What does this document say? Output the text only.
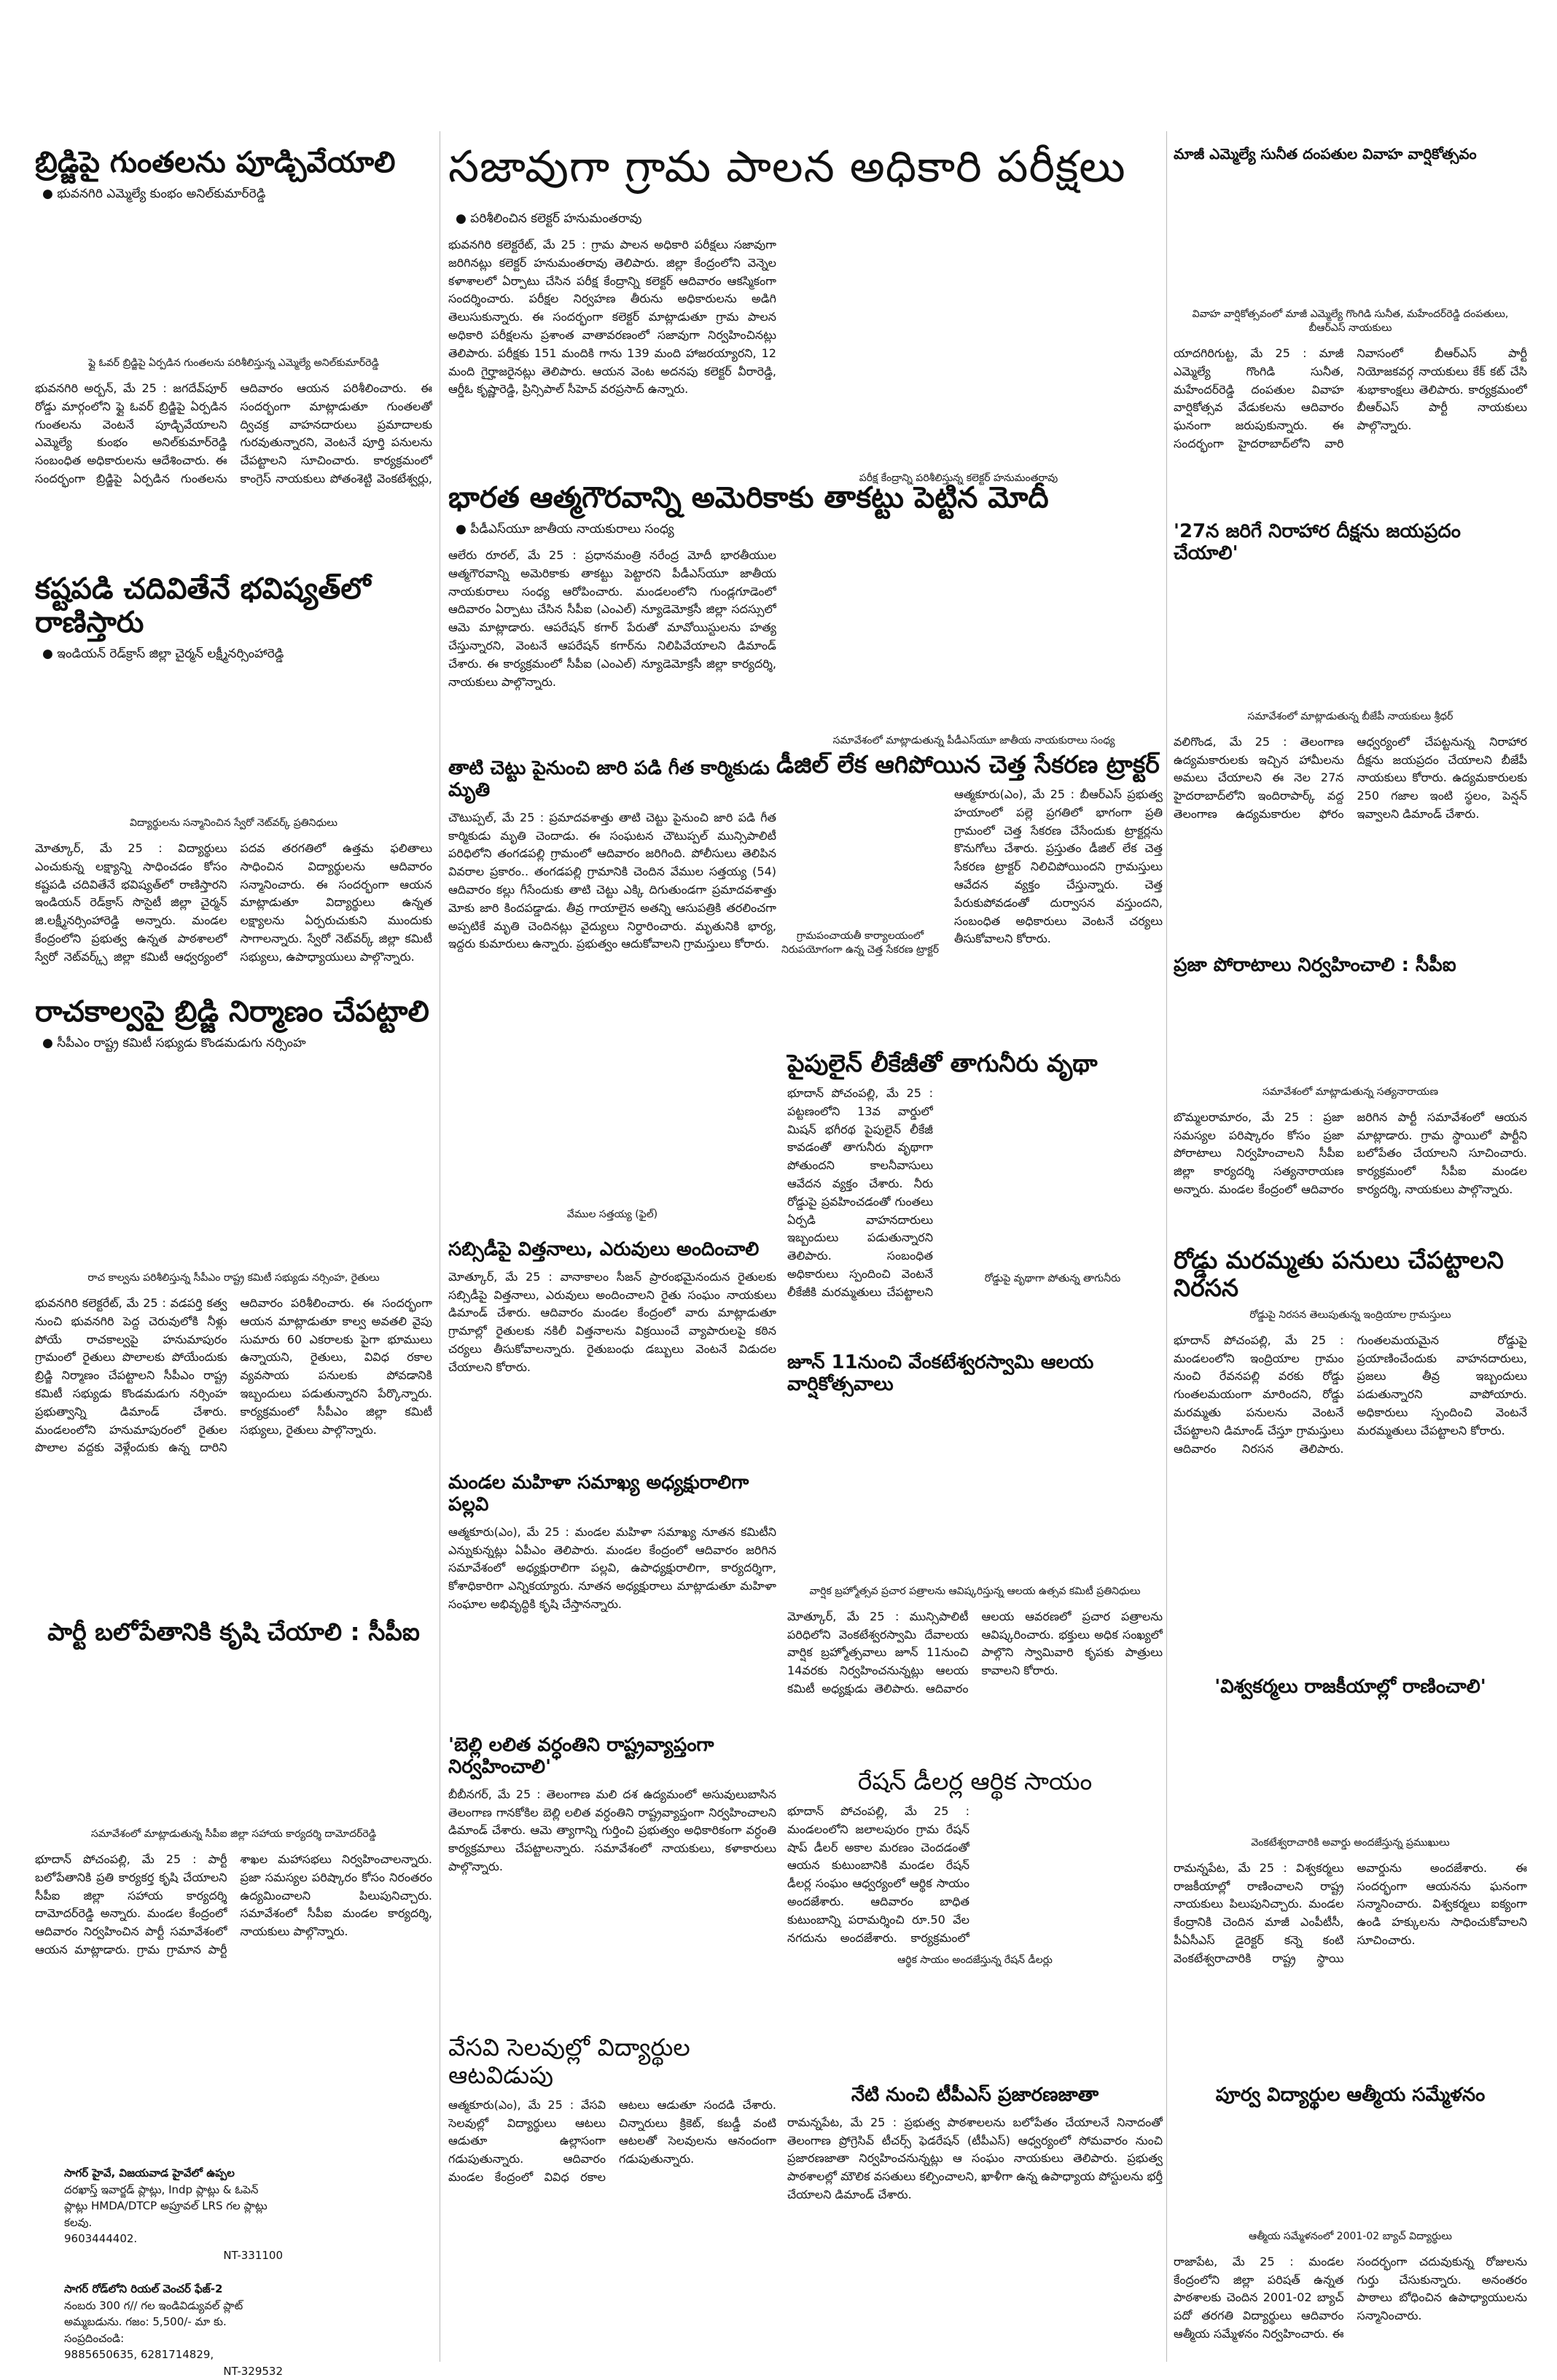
బ్రిడ్జిపై గుంతలను పూడ్చివేయాలి
● భువనగిరి ఎమ్మెల్యే కుంభం అనిల్‌కుమార్‌రెడ్డి
ఫ్లై ఓవర్ బ్రిడ్జిపై ఏర్పడిన గుంతలను పరిశీలిస్తున్న ఎమ్మెల్యే అనిల్‌కుమార్‌రెడ్డి
భువనగిరి అర్బన్, మే 25 : జగదేవ్‌పూర్ రోడ్డు మార్గంలోని ఫ్లై ఓవర్ బ్రిడ్జిపై ఏర్పడిన గుంతలను వెంటనే పూడ్చివేయాలని ఎమ్మెల్యే కుంభం అనిల్‌కుమార్‌రెడ్డి సంబంధిత అధికారులను ఆదేశించారు. ఈ సందర్భంగా బ్రిడ్జిపై ఏర్పడిన గుంతలను ఆదివారం ఆయన పరిశీలించారు. ఈ సందర్భంగా మాట్లాడుతూ గుంతలతో ద్విచక్ర వాహనదారులు ప్రమాదాలకు గురవుతున్నారని, వెంటనే పూర్తి పనులను చేపట్టాలని సూచించారు. కార్యక్రమంలో కాంగ్రెస్ నాయకులు పోతంశెట్టి వెంకటేశ్వర్లు,
కష్టపడి చదివితేనే భవిష్యత్‌లో రాణిస్తారు
● ఇండియన్ రెడ్‌క్రాస్ జిల్లా చైర్మన్ లక్ష్మీనర్సింహారెడ్డి
విద్యార్థులను సన్మానించిన స్వేరో నెట్‌వర్క్ ప్రతినిధులు
మోత్కూర్, మే 25 : విద్యార్థులు ఎంచుకున్న లక్ష్యాన్ని సాధించడం కోసం కష్టపడి చదివితేనే భవిష్యత్‌లో రాణిస్తారని ఇండియన్ రెడ్‌క్రాస్ సొసైటీ జిల్లా చైర్మన్ జి.లక్ష్మీనర్సింహారెడ్డి అన్నారు. మండల కేంద్రంలోని ప్రభుత్వ ఉన్నత పాఠశాలలో స్వేరో నెట్‌వర్క్స్ జిల్లా కమిటీ ఆధ్వర్యంలో పదవ తరగతిలో ఉత్తమ ఫలితాలు సాధించిన విద్యార్థులను ఆదివారం సన్మానించారు. ఈ సందర్భంగా ఆయన మాట్లాడుతూ విద్యార్థులు ఉన్నత లక్ష్యాలను ఏర్పరుచుకుని ముందుకు సాగాలన్నారు. స్వేరో నెట్‌వర్క్ జిల్లా కమిటీ సభ్యులు, ఉపాధ్యాయులు పాల్గొన్నారు.
రాచకాల్వపై బ్రిడ్జి నిర్మాణం చేపట్టాలి
● సీపీఎం రాష్ట్ర కమిటీ సభ్యుడు కొండమడుగు నర్సింహ
రాచ కాల్వను పరిశీలిస్తున్న సీపీఎం రాష్ట్ర కమిటీ సభ్యుడు నర్సింహ, రైతులు
భువనగిరి కలెక్టరేట్, మే 25 : వడపర్తి కత్వ నుంచి భువనగిరి పెద్ద చెరువులోకి నీళ్లు పోయే రాచకాల్వపై హనుమాపురం గ్రామంలో రైతులు పొలాలకు పోయేందుకు బ్రిడ్జి నిర్మాణం చేపట్టాలని సీపీఎం రాష్ట్ర కమిటీ సభ్యుడు కొండమడుగు నర్సింహ ప్రభుత్వాన్ని డిమాండ్ చేశారు. మండలంలోని హనుమాపురంలో రైతుల పొలాల వద్దకు వెళ్లేందుకు ఉన్న దారిని ఆదివారం పరిశీలించారు. ఈ సందర్భంగా ఆయన మాట్లాడుతూ కాల్వ అవతలి వైపు సుమారు 60 ఎకరాలకు పైగా భూములు ఉన్నాయని, రైతులు, వివిధ రకాల వ్యవసాయ పనులకు పోవడానికి ఇబ్బందులు పడుతున్నారని పేర్కొన్నారు. కార్యక్రమంలో సీపీఎం జిల్లా కమిటీ సభ్యులు, రైతులు పాల్గొన్నారు.
పార్టీ బలోపేతానికి కృషి చేయాలి : సీపీఐ
సమావేశంలో మాట్లాడుతున్న సీపీఐ జిల్లా సహాయ కార్యదర్శి దామోదర్‌రెడ్డి
భూదాన్ పోచంపల్లి, మే 25 : పార్టీ బలోపేతానికి ప్రతి కార్యకర్త కృషి చేయాలని సీపీఐ జిల్లా సహాయ కార్యదర్శి దామోదర్‌రెడ్డి అన్నారు. మండల కేంద్రంలో ఆదివారం నిర్వహించిన పార్టీ సమావేశంలో ఆయన మాట్లాడారు. గ్రామ గ్రామాన పార్టీ శాఖల మహాసభలు నిర్వహించాలన్నారు. ప్రజా సమస్యల పరిష్కారం కోసం నిరంతరం ఉద్యమించాలని పిలుపునిచ్చారు. సమావేశంలో సీపీఐ మండల కార్యదర్శి, నాయకులు పాల్గొన్నారు.
సాగర్ హైవే, విజయవాడ హైవేలో ఉప్పల
దరఖాస్త్ ఇవార్జడ్ ప్లాట్లు, Indp ప్లాట్లు & ఓపెన్ ప్లాట్లు HMDA/DTCP అప్రూవల్ LRS గల ప్లాట్లు కలవు.
9603444402.
NT-331100
సాగర్ రోడ్‌లోని రియల్ వెంచర్ ఫేజ్-2
నంబరు 300 గ// గల ఇండివిడ్యువల్ ప్లాట్ అమ్మబడును. గజం: 5,500/- మా కు. సంప్రదించండి:
9885650635, 6281714829,
NT-329532
సజావుగా గ్రామ పాలన అధికారి పరీక్షలు
● పరిశీలించిన కలెక్టర్ హనుమంతరావు
భువనగిరి కలెక్టరేట్, మే 25 : గ్రామ పాలన అధికారి పరీక్షలు సజావుగా జరిగినట్లు కలెక్టర్ హనుమంతరావు తెలిపారు. జిల్లా కేంద్రంలోని వెన్నెల కళాశాలలో ఏర్పాటు చేసిన పరీక్ష కేంద్రాన్ని కలెక్టర్ ఆదివారం ఆకస్మికంగా సందర్శించారు. పరీక్షల నిర్వహణ తీరును అధికారులను అడిగి తెలుసుకున్నారు. ఈ సందర్భంగా కలెక్టర్ మాట్లాడుతూ గ్రామ పాలన అధికారి పరీక్షలను ప్రశాంత వాతావరణంలో సజావుగా నిర్వహించినట్లు తెలిపారు. పరీక్షకు 151 మందికి గాను 139 మంది హాజరయ్యారని, 12 మంది గైర్హాజరైనట్లు తెలిపారు. ఆయన వెంట అదనపు కలెక్టర్ వీరారెడ్డి, ఆర్డీఓ కృష్ణారెడ్డి, ప్రిన్సిపాల్ సీహెచ్ వరప్రసాద్ ఉన్నారు.
పరీక్ష కేంద్రాన్ని పరిశీలిస్తున్న కలెక్టర్ హనుమంతరావు
భారత ఆత్మగౌరవాన్ని అమెరికాకు తాకట్టు పెట్టిన మోదీ
● పీడీఎస్‌యూ జాతీయ నాయకురాలు సంధ్య
ఆలేరు రూరల్, మే 25 : ప్రధానమంత్రి నరేంద్ర మోదీ భారతీయుల ఆత్మగౌరవాన్ని అమెరికాకు తాకట్టు పెట్టారని పీడీఎస్‌యూ జాతీయ నాయకురాలు సంధ్య ఆరోపించారు. మండలంలోని గుండ్లగూడెంలో ఆదివారం ఏర్పాటు చేసిన సీపీఐ (ఎంఎల్) న్యూడెమోక్రసీ జిల్లా సదస్సులో ఆమె మాట్లాడారు. ఆపరేషన్ కగార్ పేరుతో మావోయిస్టులను హత్య చేస్తున్నారని, వెంటనే ఆపరేషన్ కగార్‌ను నిలిపివేయాలని డిమాండ్ చేశారు. ఈ కార్యక్రమంలో సీపీఐ (ఎంఎల్) న్యూడెమోక్రసీ జిల్లా కార్యదర్శి, నాయకులు పాల్గొన్నారు.
సమావేశంలో మాట్లాడుతున్న పీడీఎస్‌యూ జాతీయ నాయకురాలు సంధ్య
తాటి చెట్టు పైనుంచి జారి పడి గీత కార్మికుడు మృతి
చౌటుప్పల్, మే 25 : ప్రమాదవశాత్తు తాటి చెట్టు పైనుంచి జారి పడి గీత కార్మికుడు మృతి చెందాడు. ఈ సంఘటన చౌటుప్పల్ మున్సిపాలిటీ పరిధిలోని తంగడపల్లి గ్రామంలో ఆదివారం జరిగింది. పోలీసులు తెలిపిన వివరాల ప్రకారం.. తంగడపల్లి గ్రామానికి చెందిన వేముల సత్తయ్య (54) ఆదివారం కల్లు గీసేందుకు తాటి చెట్టు ఎక్కి దిగుతుండగా ప్రమాదవశాత్తు మోకు జారి కిందపడ్డాడు. తీవ్ర గాయాలైన అతన్ని ఆసుపత్రికి తరలించగా అప్పటికే మృతి చెందినట్లు వైద్యులు నిర్ధారించారు. మృతునికి భార్య, ఇద్దరు కుమారులు ఉన్నారు. ప్రభుత్వం ఆదుకోవాలని గ్రామస్తులు కోరారు.
వేముల సత్తయ్య (ఫైల్)
సబ్సిడీపై విత్తనాలు, ఎరువులు అందించాలి
మోత్కూర్, మే 25 : వానాకాలం సీజన్ ప్రారంభమైనందున రైతులకు సబ్సిడీపై విత్తనాలు, ఎరువులు అందించాలని రైతు సంఘం నాయకులు డిమాండ్ చేశారు. ఆదివారం మండల కేంద్రంలో వారు మాట్లాడుతూ గ్రామాల్లో రైతులకు నకిలీ విత్తనాలను విక్రయించే వ్యాపారులపై కఠిన చర్యలు తీసుకోవాలన్నారు. రైతుబంధు డబ్బులు వెంటనే విడుదల చేయాలని కోరారు.
మండల మహిళా సమాఖ్య అధ్యక్షురాలిగా పల్లవి
ఆత్మకూరు(ఎం), మే 25 : మండల మహిళా సమాఖ్య నూతన కమిటీని ఎన్నుకున్నట్లు ఏపీఎం తెలిపారు. మండల కేంద్రంలో ఆదివారం జరిగిన సమావేశంలో అధ్యక్షురాలిగా పల్లవి, ఉపాధ్యక్షురాలిగా, కార్యదర్శిగా, కోశాధికారిగా ఎన్నికయ్యారు. నూతన అధ్యక్షురాలు మాట్లాడుతూ మహిళా సంఘాల అభివృద్ధికి కృషి చేస్తానన్నారు.
'బెల్లి లలిత వర్ధంతిని రాష్ట్రవ్యాప్తంగా నిర్వహించాలి'
బీబీనగర్, మే 25 : తెలంగాణ మలి దశ ఉద్యమంలో అసువులుబాసిన తెలంగాణ గానకోకిల బెల్లి లలిత వర్ధంతిని రాష్ట్రవ్యాప్తంగా నిర్వహించాలని డిమాండ్ చేశారు. ఆమె త్యాగాన్ని గుర్తించి ప్రభుత్వం అధికారికంగా వర్ధంతి కార్యక్రమాలు చేపట్టాలన్నారు. సమావేశంలో నాయకులు, కళాకారులు పాల్గొన్నారు.
వేసవి సెలవుల్లో విద్యార్థుల ఆటవిడుపు
ఆత్మకూరు(ఎం), మే 25 : వేసవి సెలవుల్లో విద్యార్థులు ఆటలు ఆడుతూ ఉల్లాసంగా గడుపుతున్నారు. ఆదివారం మండల కేంద్రంలో వివిధ రకాల ఆటలు ఆడుతూ సందడి చేశారు. చిన్నారులు క్రికెట్, కబడ్డీ వంటి ఆటలతో సెలవులను ఆనందంగా గడుపుతున్నారు.
డీజిల్ లేక ఆగిపోయిన చెత్త సేకరణ ట్రాక్టర్
గ్రామపంచాయతీ కార్యాలయంలో నిరుపయోగంగా ఉన్న చెత్త సేకరణ ట్రాక్టర్
ఆత్మకూరు(ఎం), మే 25 : బీఆర్ఎస్ ప్రభుత్వ హయాంలో పల్లె ప్రగతిలో భాగంగా ప్రతి గ్రామంలో చెత్త సేకరణ చేసేందుకు ట్రాక్టర్లను కొనుగోలు చేశారు. ప్రస్తుతం డీజిల్ లేక చెత్త సేకరణ ట్రాక్టర్ నిలిచిపోయిందని గ్రామస్తులు ఆవేదన వ్యక్తం చేస్తున్నారు. చెత్త పేరుకుపోవడంతో దుర్వాసన వస్తుందని, సంబంధిత అధికారులు వెంటనే చర్యలు తీసుకోవాలని కోరారు.
పైపులైన్ లీకేజీతో తాగునీరు వృథా
భూదాన్ పోచంపల్లి, మే 25 : పట్టణంలోని 13వ వార్డులో మిషన్ భగీరథ పైపులైన్ లీకేజీ కావడంతో తాగునీరు వృథాగా పోతుందని కాలనీవాసులు ఆవేదన వ్యక్తం చేశారు. నీరు రోడ్డుపై ప్రవహించడంతో గుంతలు ఏర్పడి వాహనదారులు ఇబ్బందులు పడుతున్నారని తెలిపారు. సంబంధిత అధికారులు స్పందించి వెంటనే లీకేజీకి మరమ్మతులు చేపట్టాలని
రోడ్డుపై వృథాగా పోతున్న తాగునీరు
జూన్ 11నుంచి వేంకటేశ్వరస్వామి ఆలయ వార్షికోత్సవాలు
వార్షిక బ్రహ్మోత్సవ ప్రచార పత్రాలను ఆవిష్కరిస్తున్న ఆలయ ఉత్సవ కమిటీ ప్రతినిధులు
మోత్కూర్, మే 25 : మున్సిపాలిటీ పరిధిలోని వెంకటేశ్వరస్వామి దేవాలయ వార్షిక బ్రహ్మోత్సవాలు జూన్ 11నుంచి 14వరకు నిర్వహించనున్నట్లు ఆలయ కమిటీ అధ్యక్షుడు తెలిపారు. ఆదివారం ఆలయ ఆవరణలో ప్రచార పత్రాలను ఆవిష్కరించారు. భక్తులు అధిక సంఖ్యలో పాల్గొని స్వామివారి కృపకు పాత్రులు కావాలని కోరారు.
రేషన్ డీలర్ల ఆర్థిక సాయం
భూదాన్ పోచంపల్లి, మే 25 : మండలంలోని జలాలపురం గ్రామ రేషన్ షాప్ డీలర్ అకాల మరణం చెందడంతో ఆయన కుటుంబానికి మండల రేషన్ డీలర్ల సంఘం ఆధ్వర్యంలో ఆర్థిక సాయం అందజేశారు. ఆదివారం బాధిత కుటుంబాన్ని పరామర్శించి రూ.50 వేల నగదును అందజేశారు. కార్యక్రమంలో
ఆర్థిక సాయం అందజేస్తున్న రేషన్ డీలర్లు
నేటి నుంచి టీపీఎస్ ప్రజారణజాతా
రామన్నపేట, మే 25 : ప్రభుత్వ పాఠశాలలను బలోపేతం చేయాలనే నినాదంతో తెలంగాణ ప్రోగ్రెసివ్ టీచర్స్ ఫెడరేషన్ (టీపీఎస్) ఆధ్వర్యంలో సోమవారం నుంచి ప్రజారణజాతా నిర్వహించనున్నట్లు ఆ సంఘం నాయకులు తెలిపారు. ప్రభుత్వ పాఠశాలల్లో మౌలిక వసతులు కల్పించాలని, ఖాళీగా ఉన్న ఉపాధ్యాయ పోస్టులను భర్తీ చేయాలని డిమాండ్ చేశారు.
మాజీ ఎమ్మెల్యే సునీత దంపతుల వివాహ వార్షికోత్సవం
వివాహ వార్షికోత్సవంలో మాజీ ఎమ్మెల్యే గొంగిడి సునీత, మహేందర్‌రెడ్డి దంపతులు, బీఆర్ఎస్ నాయకులు
యాదగిరిగుట్ట, మే 25 : మాజీ ఎమ్మెల్యే గొంగిడి సునీత, మహేందర్‌రెడ్డి దంపతుల వివాహ వార్షికోత్సవ వేడుకలను ఆదివారం ఘనంగా జరుపుకున్నారు. ఈ సందర్భంగా హైదరాబాద్‌లోని వారి నివాసంలో బీఆర్ఎస్ పార్టీ నియోజకవర్గ నాయకులు కేక్ కట్ చేసి శుభాకాంక్షలు తెలిపారు. కార్యక్రమంలో బీఆర్ఎస్ పార్టీ నాయకులు పాల్గొన్నారు.
'27న జరిగే నిరాహార దీక్షను జయప్రదం చేయాలి'
సమావేశంలో మాట్లాడుతున్న బీజేపీ నాయకులు శ్రీధర్
వలిగొండ, మే 25 : తెలంగాణ ఉద్యమకారులకు ఇచ్చిన హామీలను అమలు చేయాలని ఈ నెల 27న హైదరాబాద్‌లోని ఇందిరాపార్క్ వద్ద తెలంగాణ ఉద్యమకారుల ఫోరం ఆధ్వర్యంలో చేపట్టనున్న నిరాహార దీక్షను జయప్రదం చేయాలని బీజేపీ నాయకులు కోరారు. ఉద్యమకారులకు 250 గజాల ఇంటి స్థలం, పెన్షన్ ఇవ్వాలని డిమాండ్ చేశారు.
ప్రజా పోరాటాలు నిర్వహించాలి : సీపీఐ
సమావేశంలో మాట్లాడుతున్న సత్యనారాయణ
బొమ్మలరామారం, మే 25 : ప్రజా సమస్యల పరిష్కారం కోసం ప్రజా పోరాటాలు నిర్వహించాలని సీపీఐ జిల్లా కార్యదర్శి సత్యనారాయణ అన్నారు. మండల కేంద్రంలో ఆదివారం జరిగిన పార్టీ సమావేశంలో ఆయన మాట్లాడారు. గ్రామ స్థాయిలో పార్టీని బలోపేతం చేయాలని సూచించారు. కార్యక్రమంలో సీపీఐ మండల కార్యదర్శి, నాయకులు పాల్గొన్నారు.
రోడ్డు మరమ్మతు పనులు చేపట్టాలని నిరసన
రోడ్డుపై నిరసన తెలుపుతున్న ఇంద్రియాల గ్రామస్తులు
భూదాన్ పోచంపల్లి, మే 25 : మండలంలోని ఇంద్రియాల గ్రామం నుంచి రేవనపల్లి వరకు రోడ్డు గుంతలమయంగా మారిందని, రోడ్డు మరమ్మతు పనులను వెంటనే చేపట్టాలని డిమాండ్ చేస్తూ గ్రామస్తులు ఆదివారం నిరసన తెలిపారు. గుంతలమయమైన రోడ్డుపై ప్రయాణించేందుకు వాహనదారులు, ప్రజలు తీవ్ర ఇబ్బందులు పడుతున్నారని వాపోయారు. అధికారులు స్పందించి వెంటనే మరమ్మతులు చేపట్టాలని కోరారు.
'విశ్వకర్మలు రాజకీయాల్లో రాణించాలి'
వెంకటేశ్వరాచారికి అవార్డు అందజేస్తున్న ప్రముఖులు
రామన్నపేట, మే 25 : విశ్వకర్మలు రాజకీయాల్లో రాణించాలని రాష్ట్ర నాయకులు పిలుపునిచ్చారు. మండల కేంద్రానికి చెందిన మాజీ ఎంపీటీసీ, పీఏసీఎస్ డైరెక్టర్ కన్నె కంటి వెంకటేశ్వరాచారికి రాష్ట్ర స్థాయి అవార్డును అందజేశారు. ఈ సందర్భంగా ఆయనను ఘనంగా సన్మానించారు. విశ్వకర్మలు ఐక్యంగా ఉండి హక్కులను సాధించుకోవాలని సూచించారు.
పూర్వ విద్యార్థుల ఆత్మీయ సమ్మేళనం
ఆత్మీయ సమ్మేళనంలో 2001-02 బ్యాచ్ విద్యార్థులు
రాజాపేట, మే 25 : మండల కేంద్రంలోని జిల్లా పరిషత్ ఉన్నత పాఠశాలకు చెందిన 2001-02 బ్యాచ్ పదో తరగతి విద్యార్థులు ఆదివారం ఆత్మీయ సమ్మేళనం నిర్వహించారు. ఈ సందర్భంగా చదువుకున్న రోజులను గుర్తు చేసుకున్నారు. అనంతరం పాఠాలు బోధించిన ఉపాధ్యాయులను సన్మానించారు.
